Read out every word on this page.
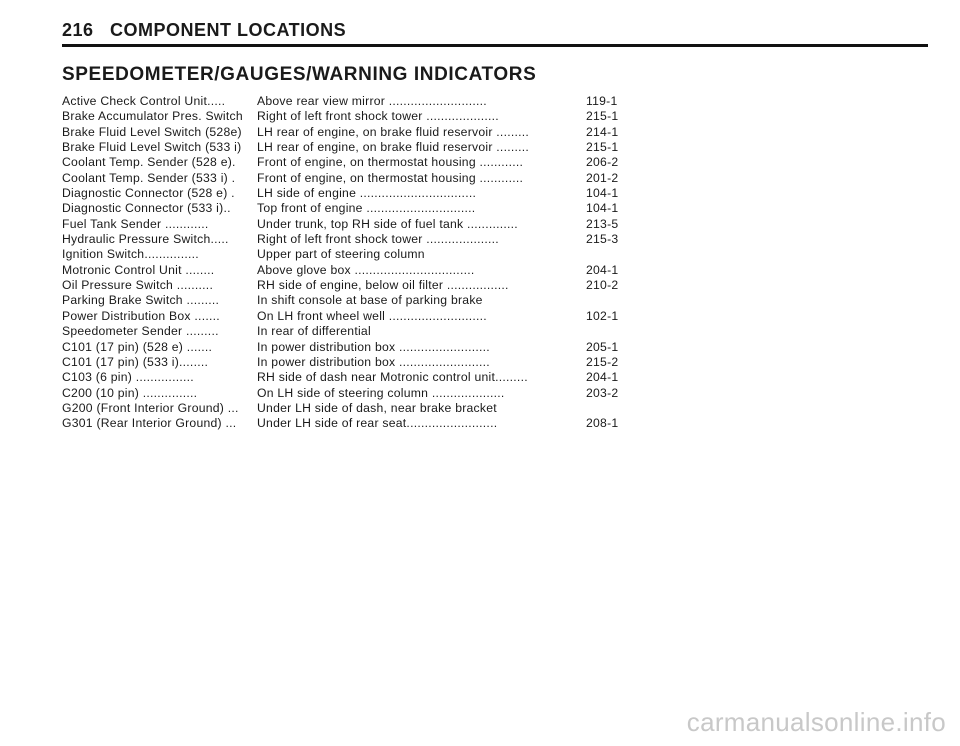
216 COMPONENT LOCATIONS
SPEEDOMETER/GAUGES/WARNING INDICATORS
Active Check Control Unit.....	Above rear view mirror ...........................	119-1
Brake Accumulator Pres. Switch	Right of left front shock tower ....................	215-1
Brake Fluid Level Switch (528e)	LH rear of engine, on brake fluid reservoir .........	214-1
Brake Fluid Level Switch (533 i)	LH rear of engine, on brake fluid reservoir .........	215-1
Coolant Temp. Sender (528 e).	Front of engine, on thermostat housing ............	206-2
Coolant Temp. Sender (533 i) .	Front of engine, on thermostat housing ............	201-2
Diagnostic Connector (528 e) .	LH side of engine ................................	104-1
Diagnostic Connector (533 i)..	Top front of engine ..............................	104-1
Fuel Tank Sender ............	Under trunk, top RH side of fuel tank ..............	213-5
Hydraulic Pressure Switch.....	Right of left front shock tower ....................	215-3
Ignition Switch...............	Upper part of steering column
Motronic Control Unit ........	Above glove box .................................	204-1
Oil Pressure Switch ..........	RH side of engine, below oil filter .................	210-2
Parking Brake Switch .........	In shift console at base of parking brake
Power Distribution Box .......	On LH front wheel well ...........................	102-1
Speedometer Sender .........	In rear of differential
C101 (17 pin) (528 e) .......	In power distribution box .........................	205-1
C101 (17 pin) (533 i)........	In power distribution box .........................	215-2
C103 (6 pin) ................	RH side of dash near Motronic control unit.........	204-1
C200 (10 pin) ...............	On LH side of steering column ....................	203-2
G200 (Front Interior Ground) ...	Under LH side of dash, near brake bracket
G301 (Rear Interior Ground) ...	Under LH side of rear seat.........................	208-1
carmanualsonline.info
